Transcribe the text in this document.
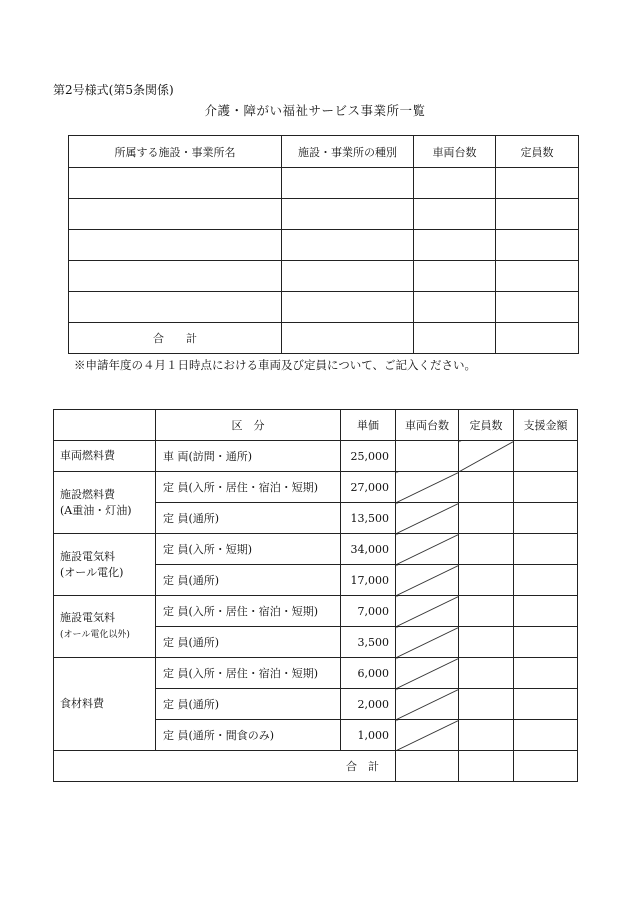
第2号様式(第5条関係)
介護・障がい福祉サービス事業所一覧
所属する施設・事業所名	施設・事業所の種別	車両台数	定員数

合　　計			
※申請年度の４月１日時点における車両及び定員について、ご記入ください。
	区　分	単価	車両台数	定員数	支援金額
車両燃料費	車 両(訪問・通所)	25,000			
施設燃料費
(A重油・灯油)	定 員(入所・居住・宿泊・短期)	27,000			
	定 員(通所)	13,500			
施設電気料
(オール電化)	定 員(入所・短期)	34,000			
	定 員(通所)	17,000			
施設電気料
(オール電化以外)	定 員(入所・居住・宿泊・短期)	7,000			
	定 員(通所)	3,500			
食材料費	定 員(入所・居住・宿泊・短期)	6,000			
	定 員(通所)	2,000			
	定 員(通所・間食のみ)	1,000			
合　計					
